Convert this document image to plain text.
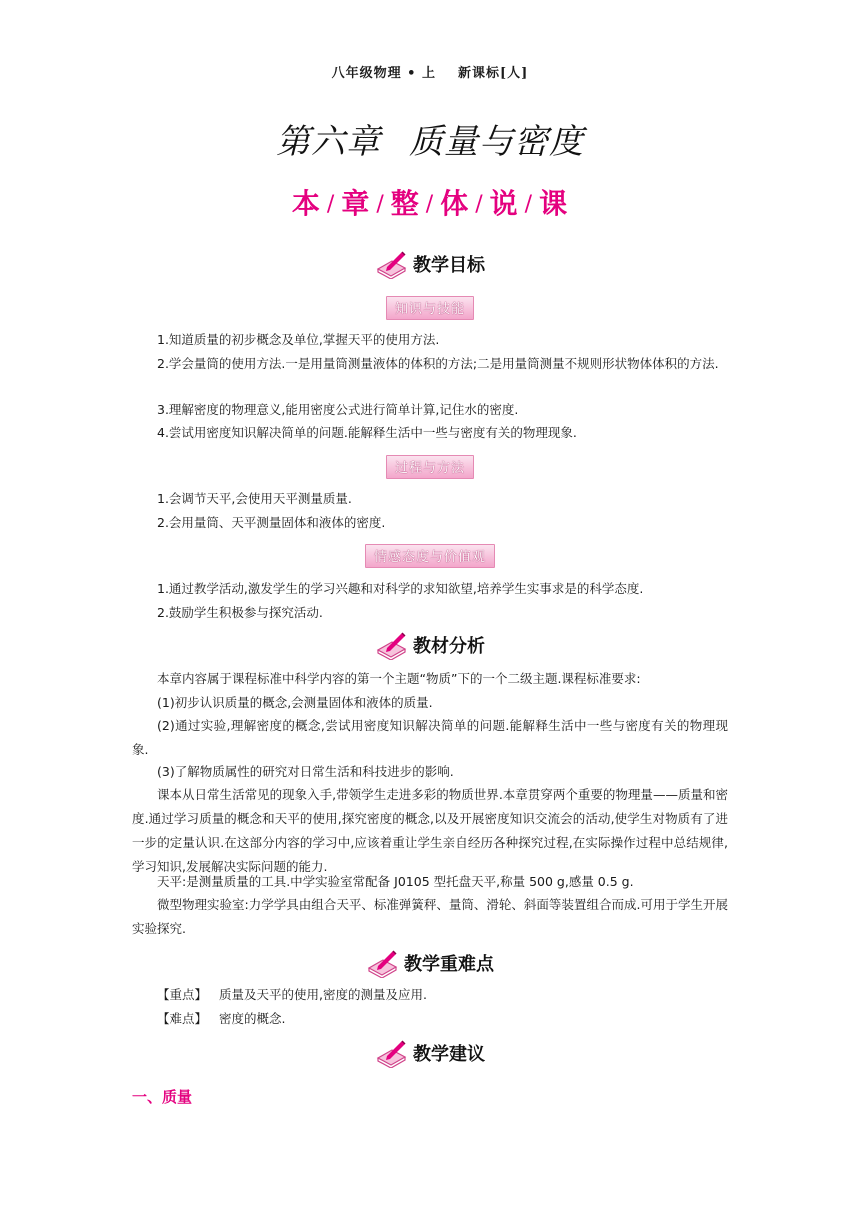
八年级物理 • 上 新课标[人]
第六章 质量与密度
本 / 章 / 整 / 体 / 说 / 课
教学目标
知识与技能

1.知道质量的初步概念及单位,掌握天平的使用方法.

2.学会量筒的使用方法.一是用量筒测量液体的体积的方法;二是用量筒测量不规则形状物体体积的方法.

3.理解密度的物理意义,能用密度公式进行简单计算,记住水的密度.

4.尝试用密度知识解决简单的问题.能解释生活中一些与密度有关的物理现象.

过程与方法

1.会调节天平,会使用天平测量质量.

2.会用量筒、天平测量固体和液体的密度.

情感态度与价值观

1.通过教学活动,激发学生的学习兴趣和对科学的求知欲望,培养学生实事求是的科学态度.

2.鼓励学生积极参与探究活动.

教材分析

本章内容属于课程标准中科学内容的第一个主题“物质”下的一个二级主题.课程标准要求:

(1)初步认识质量的概念,会测量固体和液体的质量.

(2)通过实验,理解密度的概念,尝试用密度知识解决简单的问题.能解释生活中一些与密度有关的物理现象.

(3)了解物质属性的研究对日常生活和科技进步的影响.

课本从日常生活常见的现象入手,带领学生走进多彩的物质世界.本章贯穿两个重要的物理量——质量和密度.通过学习质量的概念和天平的使用,探究密度的概念,以及开展密度知识交流会的活动,使学生对物质有了进一步的定量认识.在这部分内容的学习中,应该着重让学生亲自经历各种探究过程,在实际操作过程中总结规律,学习知识,发展解决实际问题的能力.

天平:是测量质量的工具.中学实验室常配备 J0105 型托盘天平,称量 500 g,感量 0.5 g.

微型物理实验室:力学学具由组合天平、标准弹簧秤、量筒、滑轮、斜面等装置组合而成.可用于学生开展实验探究.

教学重难点
【重点】 质量及天平的使用,密度的测量及应用.
【难点】 密度的概念.
教学建议
一、质量
